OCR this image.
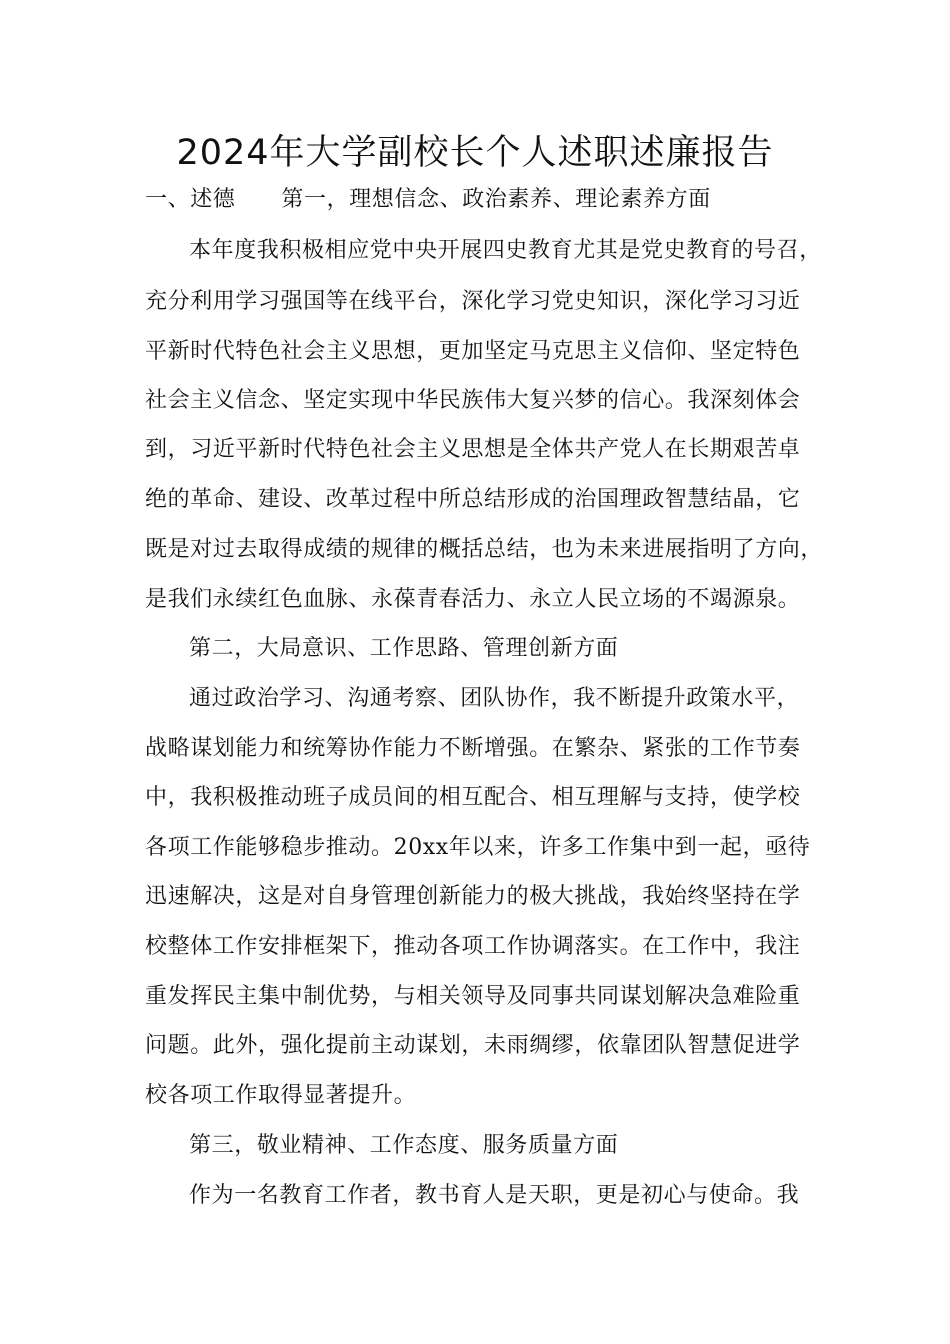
2024年大学副校长个人述职述廉报告
一、述德 第一，理想信念、政治素养、理论素养方面
本年度我积极相应党中央开展四史教育尤其是党史教育的号召，
充分利用学习强国等在线平台，深化学习党史知识，深化学习习近
平新时代特色社会主义思想，更加坚定马克思主义信仰、坚定特色
社会主义信念、坚定实现中华民族伟大复兴梦的信心。我深刻体会
到，习近平新时代特色社会主义思想是全体共产党人在长期艰苦卓
绝的革命、建设、改革过程中所总结形成的治国理政智慧结晶，它
既是对过去取得成绩的规律的概括总结，也为未来进展指明了方向，
是我们永续红色血脉、永葆青春活力、永立人民立场的不竭源泉。
第二，大局意识、工作思路、管理创新方面
通过政治学习、沟通考察、团队协作，我不断提升政策水平，
战略谋划能力和统筹协作能力不断增强。在繁杂、紧张的工作节奏
中，我积极推动班子成员间的相互配合、相互理解与支持，使学校
各项工作能够稳步推动。20xx年以来，许多工作集中到一起，亟待
迅速解决，这是对自身管理创新能力的极大挑战，我始终坚持在学
校整体工作安排框架下，推动各项工作协调落实。在工作中，我注
重发挥民主集中制优势，与相关领导及同事共同谋划解决急难险重
问题。此外，强化提前主动谋划，未雨绸缪，依靠团队智慧促进学
校各项工作取得显著提升。
第三，敬业精神、工作态度、服务质量方面
作为一名教育工作者，教书育人是天职，更是初心与使命。我
